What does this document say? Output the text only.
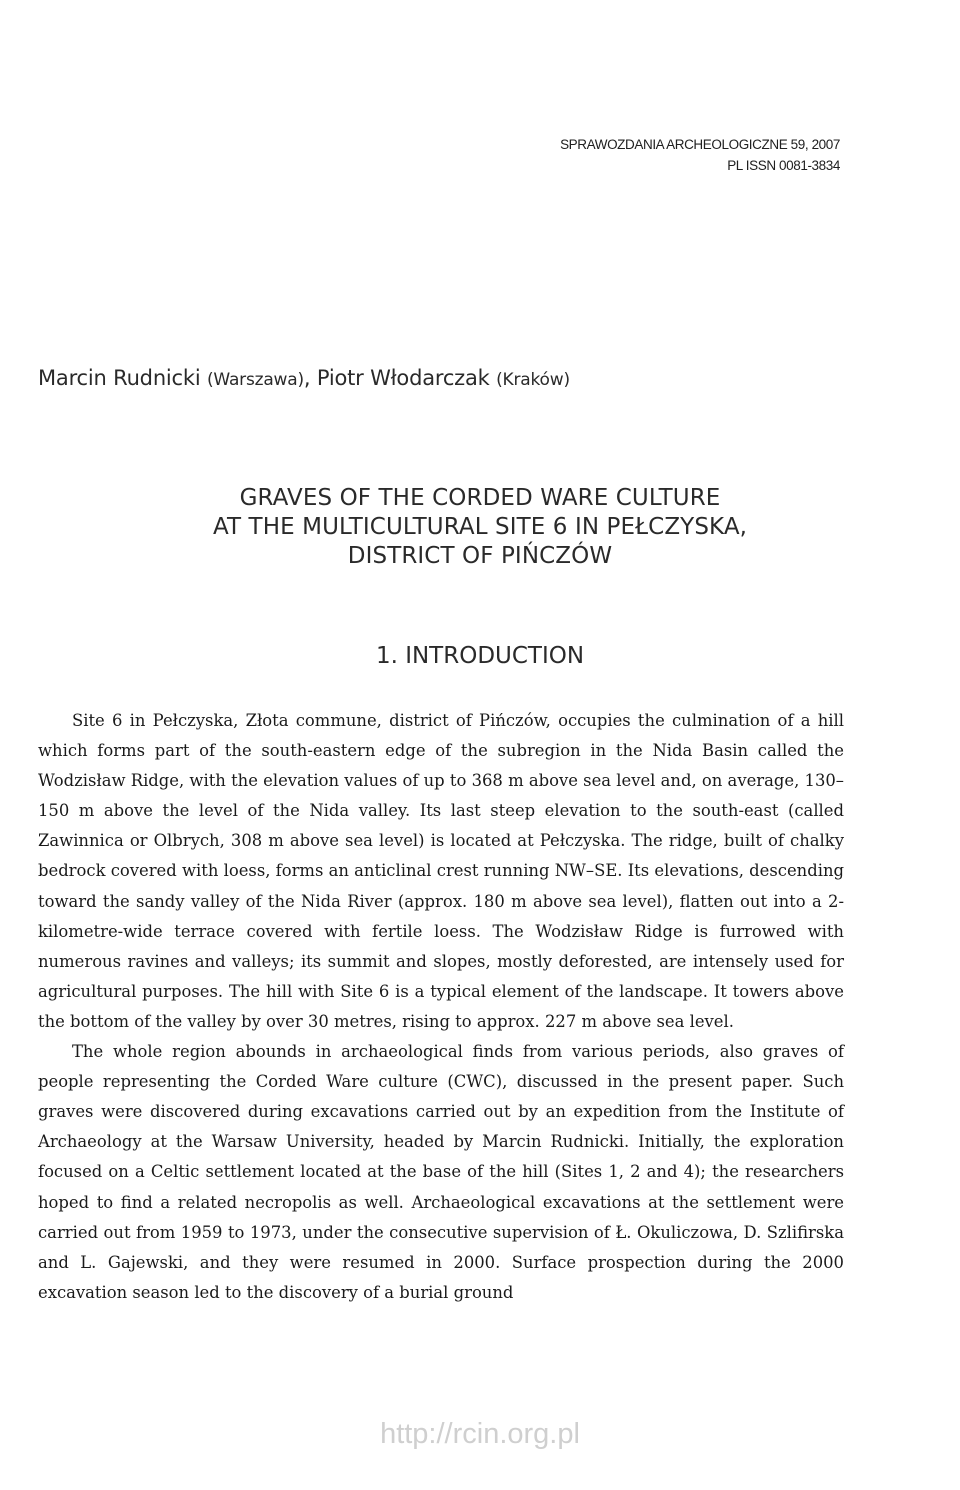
SPRAWOZDANIA ARCHEOLOGICZNE 59, 2007
PL ISSN 0081-3834
Marcin Rudnicki (Warszawa), Piotr Włodarczak (Kraków)
GRAVES OF THE CORDED WARE CULTURE
AT THE MULTICULTURAL SITE 6 IN PEŁCZYSKA,
DISTRICT OF PIŃCZÓW
1. INTRODUCTION

Site 6 in Pełczyska, Złota commune, district of Pińczów, occupies the culmination of a hill which forms part of the south-eastern edge of the subregion in the Nida Basin called the Wodzisław Ridge, with the elevation values of up to 368 m above sea level and, on average, 130–150 m above the level of the Nida valley. Its last steep elevation to the south-east (called Zawinnica or Olbrych, 308 m above sea level) is located at Pełczyska. The ridge, built of chalky bedrock covered with loess, forms an anticlinal crest running NW–SE. Its elevations, descending toward the sandy valley of the Nida River (approx. 180 m above sea level), flatten out into a 2-kilometre-wide terrace covered with fertile loess. The Wodzisław Ridge is furrowed with numerous ravines and valleys; its summit and slopes, mostly deforested, are intensely used for agricultural purposes. The hill with Site 6 is a typical element of the landscape. It towers above the bottom of the valley by over 30 metres, rising to approx. 227 m above sea level.

The whole region abounds in archaeological finds from various periods, also graves of people representing the Corded Ware culture (CWC), discussed in the present paper. Such graves were discovered during excavations carried out by an expedition from the Institute of Archaeology at the Warsaw University, headed by Marcin Rudnicki. Initially, the exploration focused on a Celtic settlement located at the base of the hill (Sites 1, 2 and 4); the researchers hoped to find a related necropolis as well. Archaeological excavations at the settlement were carried out from 1959 to 1973, under the consecutive supervision of Ł. Okuliczowa, D. Szlifirska and L. Gajewski, and they were resumed in 2000. Surface prospection during the 2000 excavation season led to the discovery of a burial ground

http://rcin.org.pl
